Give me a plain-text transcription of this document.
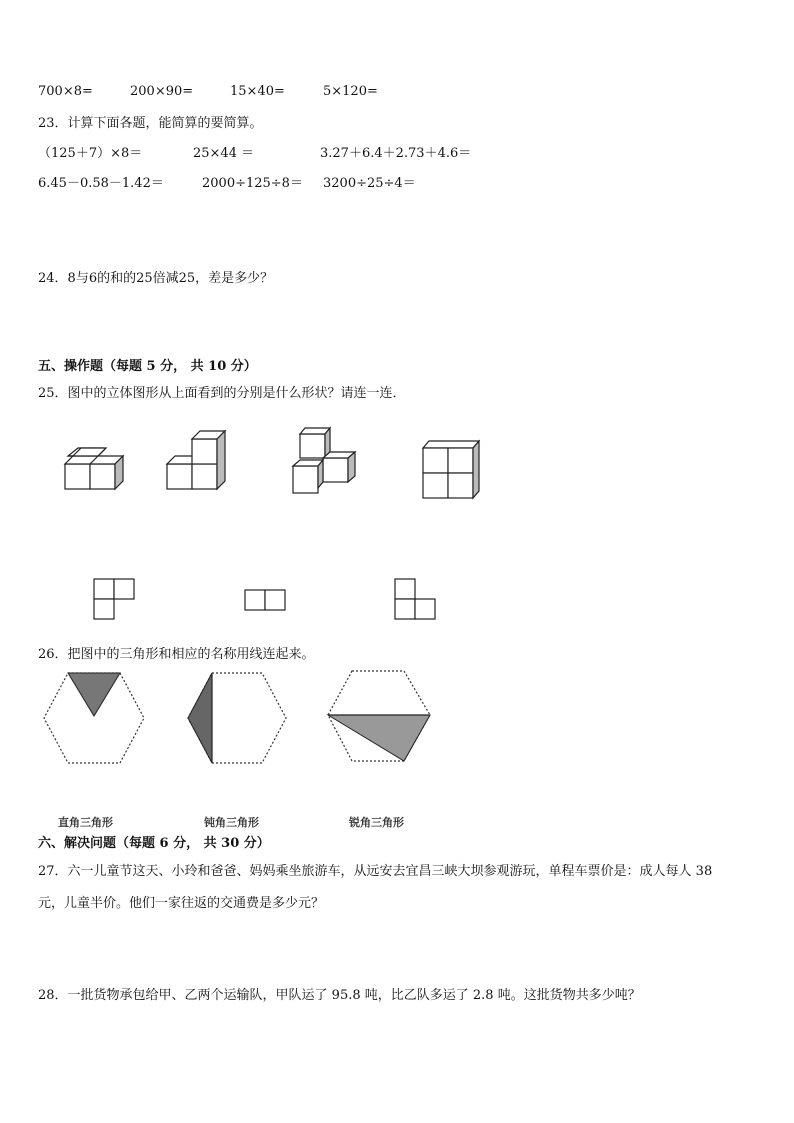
700×8=	200×90=	15×40=	5×120=
23．计算下面各题，能简算的要简算。
（125＋7）×8＝	25×44 ＝	3.27＋6.4＋2.73＋4.6＝
6.45－0.58－1.42＝	2000÷125÷8＝ 3200÷25÷4＝
24．8与6的和的25倍减25，差是多少？
五、操作题（每题 5 分， 共 10 分）
25．图中的立体图形从上面看到的分别是什么形状？请连一连．
26．把图中的三角形和相应的名称用线连起来。
直角三角形	钝角三角形	锐角三角形
六、解决问题（每题 6 分， 共 30 分）
27．六一儿童节这天、小玲和爸爸、妈妈乘坐旅游车，从远安去宜昌三峡大坝参观游玩，单程车票价是：成人每人 38
元，儿童半价。他们一家往返的交通费是多少元？
28．一批货物承包给甲、乙两个运输队，甲队运了 95.8 吨，比乙队多运了 2.8 吨。这批货物共多少吨？
